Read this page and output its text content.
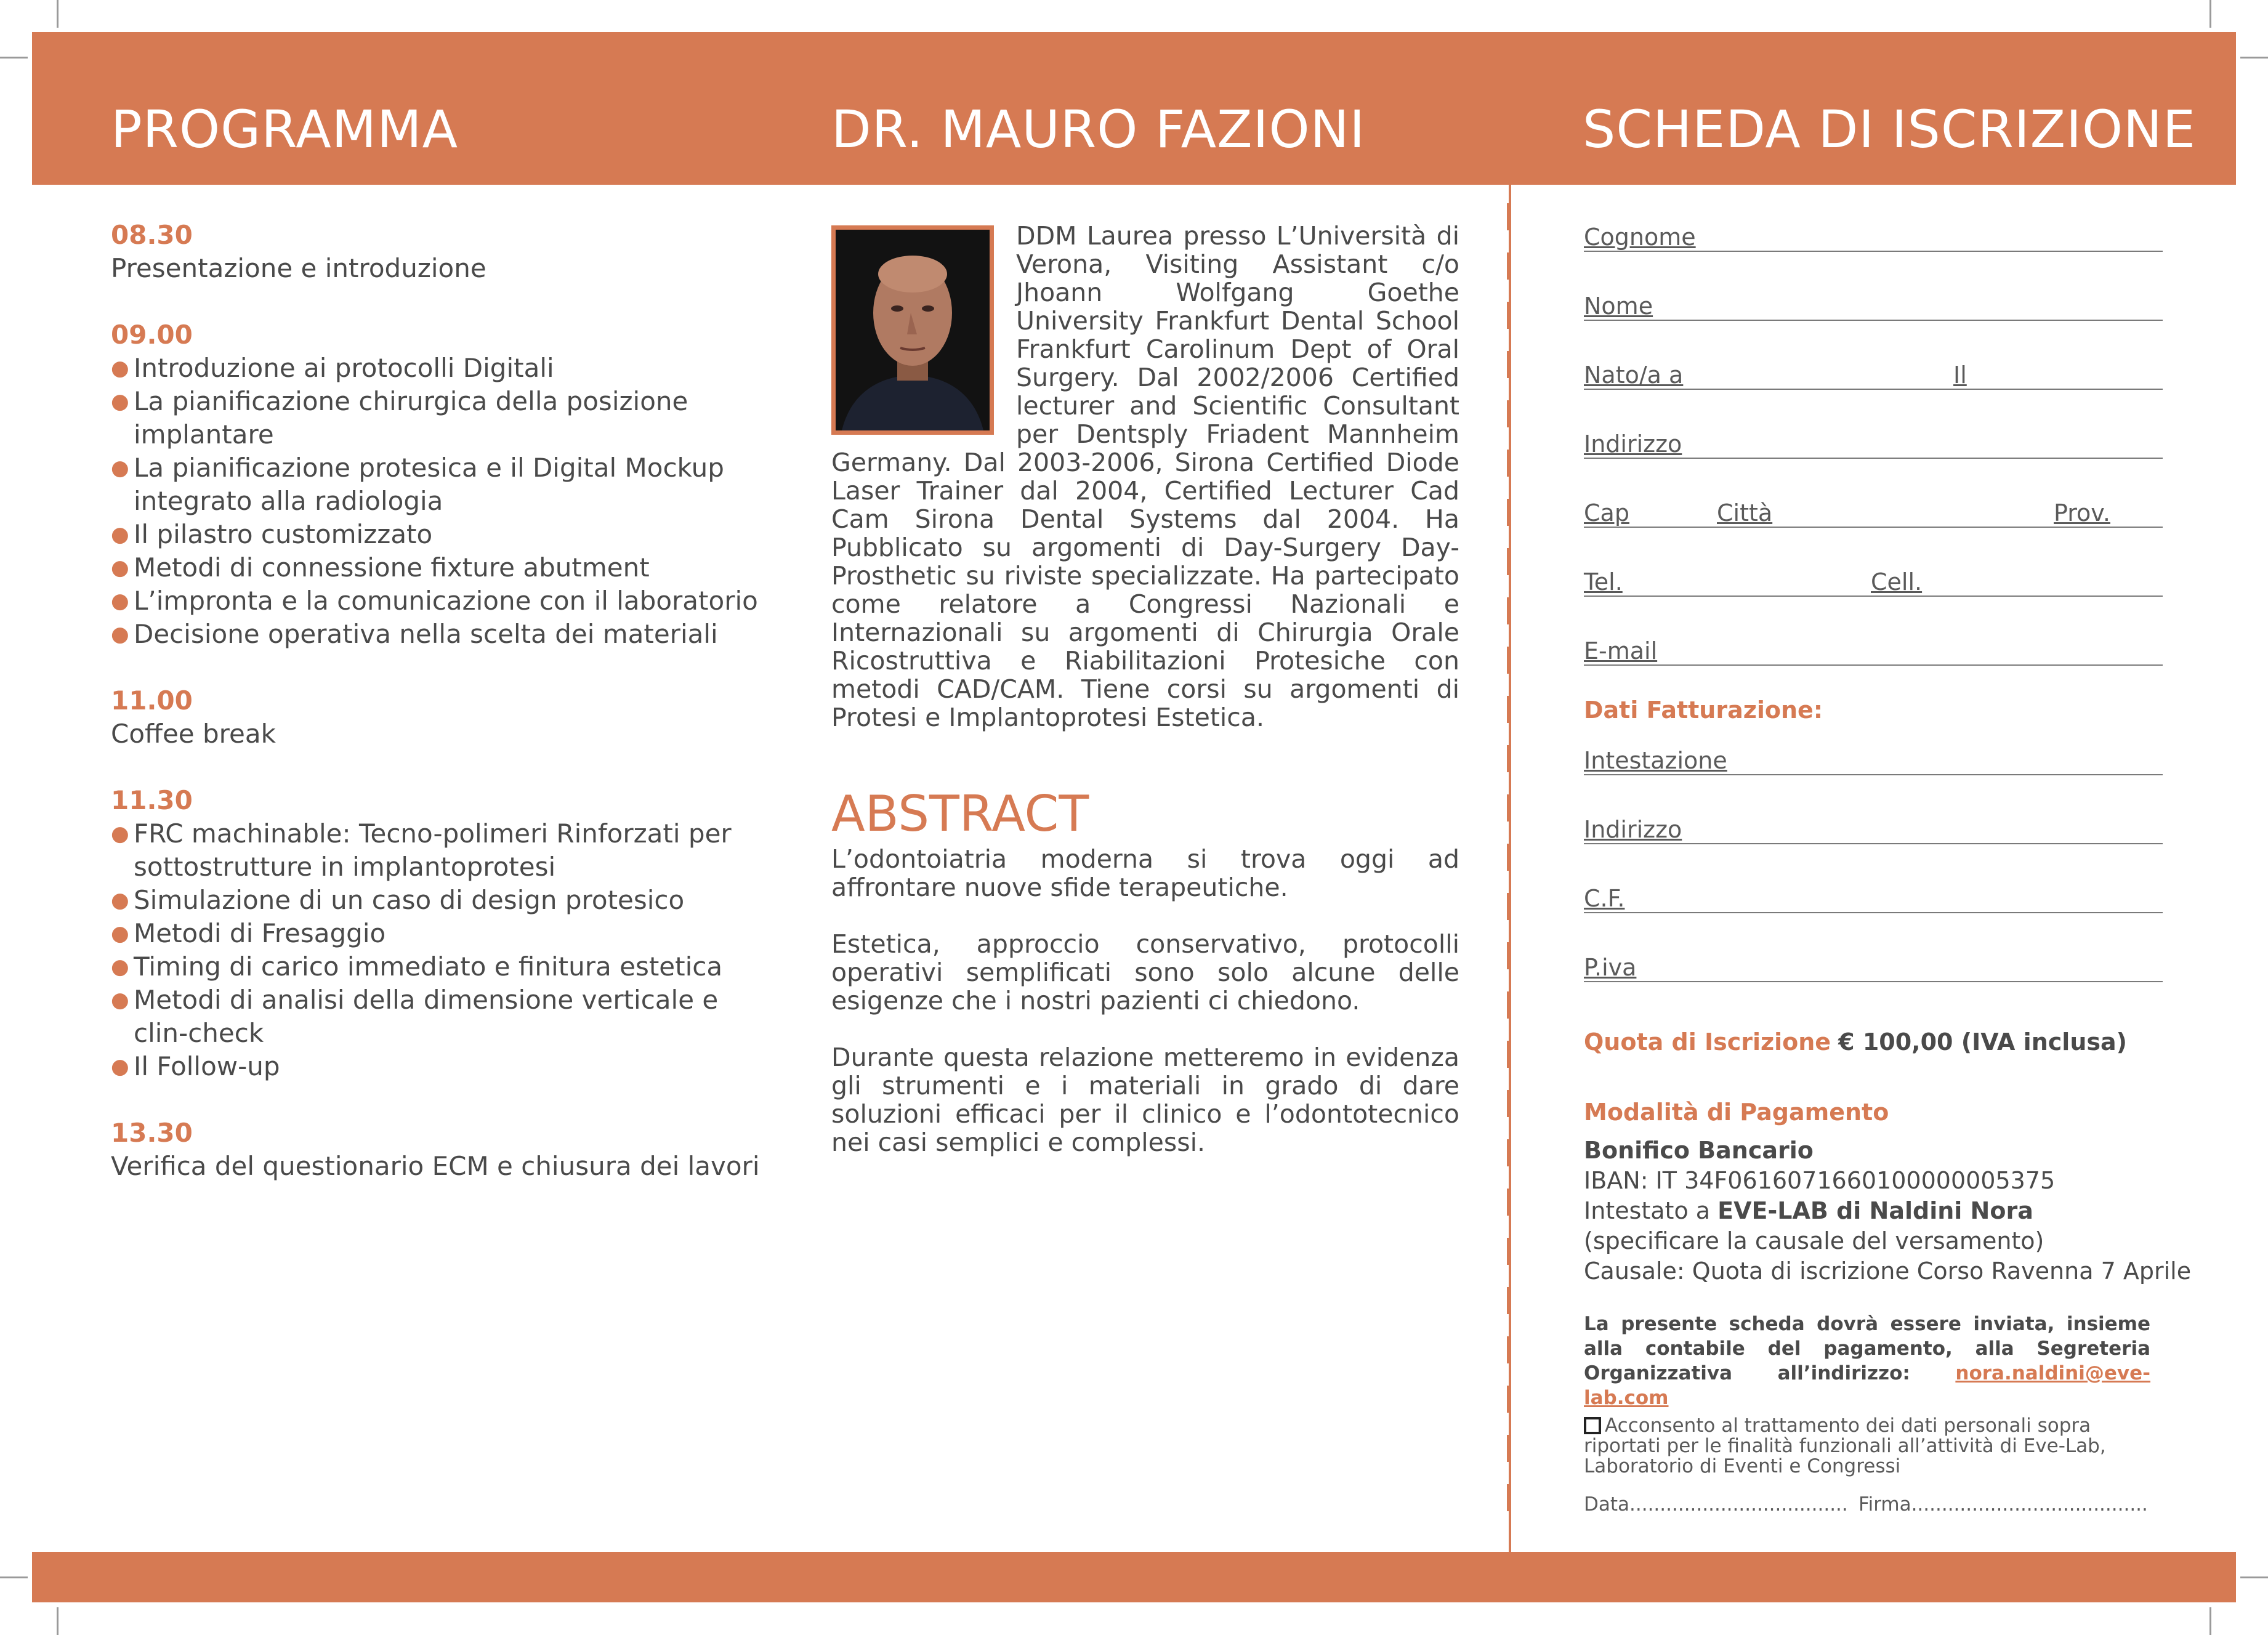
PROGRAMMA	DR. MAURO FAZIONI	SCHEDA DI ISCRIZIONE
08.30
Presentazione e introduzione
09.00
● Introduzione ai protocolli Digitali
● La pianificazione chirurgica della posizione implantare
● La pianificazione protesica e il Digital Mockup integrato alla radiologia
● Il pilastro customizzato
● Metodi di connessione fixture abutment
● L’impronta e la comunicazione con il laboratorio
● Decisione operativa nella scelta dei materiali
11.00
Coffee break
11.30
● FRC machinable: Tecno-polimeri Rinforzati per sottostrutture in implantoprotesi
● Simulazione di un caso di design protesico
● Metodi di Fresaggio
● Timing di carico immediato e finitura estetica
● Metodi di analisi della dimensione verticale e clin-check
● Il Follow-up
13.30
Verifica del questionario ECM e chiusura dei lavori

DDM Laurea presso L’Università di Verona, Visiting Assistant c/o Jhoann Wolfgang Goethe University Frankfurt Dental School Frankfurt Carolinum Dept of Oral Surgery. Dal 2002/2006 Certified lecturer and Scientific Consultant per Dentsply Friadent Mannheim Germany. Dal 2003-2006, Sirona Certified Diode Laser Trainer dal 2004, Certified Lecturer Cad Cam Sirona Dental Systems dal 2004. Ha Pubblicato su argomenti di Day-Surgery Day-Prosthetic su riviste specializzate. Ha partecipato come relatore a Congressi Nazionali e Internazionali su argomenti di Chirurgia Orale Ricostruttiva e Riabilitazioni Protesiche con metodi CAD/CAM. Tiene corsi su argomenti di Protesi e Implantoprotesi Estetica.

ABSTRACT

L’odontoiatria moderna si trova oggi ad affrontare nuove sfide terapeutiche.

Estetica, approccio conservativo, protocolli operativi semplificati sono solo alcune delle esigenze che i nostri pazienti ci chiedono.

Durante questa relazione metteremo in evidenza gli strumenti e i materiali in grado di dare soluzioni efficaci per il clinico e l’odontotecnico nei casi semplici e complessi.

Cognome
Nome
Nato/a a	Il
Indirizzo
Cap	Città	Prov.
Tel.	Cell.
E-mail
Dati Fatturazione:
Intestazione
Indirizzo
C.F.
P.iva
Quota di Iscrizione € 100,00 (IVA inclusa)
Modalità di Pagamento
Bonifico Bancario
IBAN: IT 34F0616071660100000005375
Intestato a EVE-LAB di Naldini Nora
(specificare la causale del versamento)
Causale: Quota di iscrizione Corso Ravenna 7 Aprile
La presente scheda dovrà essere inviata, insieme alla contabile del pagamento, alla Segreteria Organizzativa all’indirizzo: nora.naldini@eve-lab.com
Acconsento al trattamento dei dati personali sopra riportati per le finalità funzionali all’attività di Eve-Lab, Laboratorio di Eventi e Congressi
Data.................................... Firma.......................................
